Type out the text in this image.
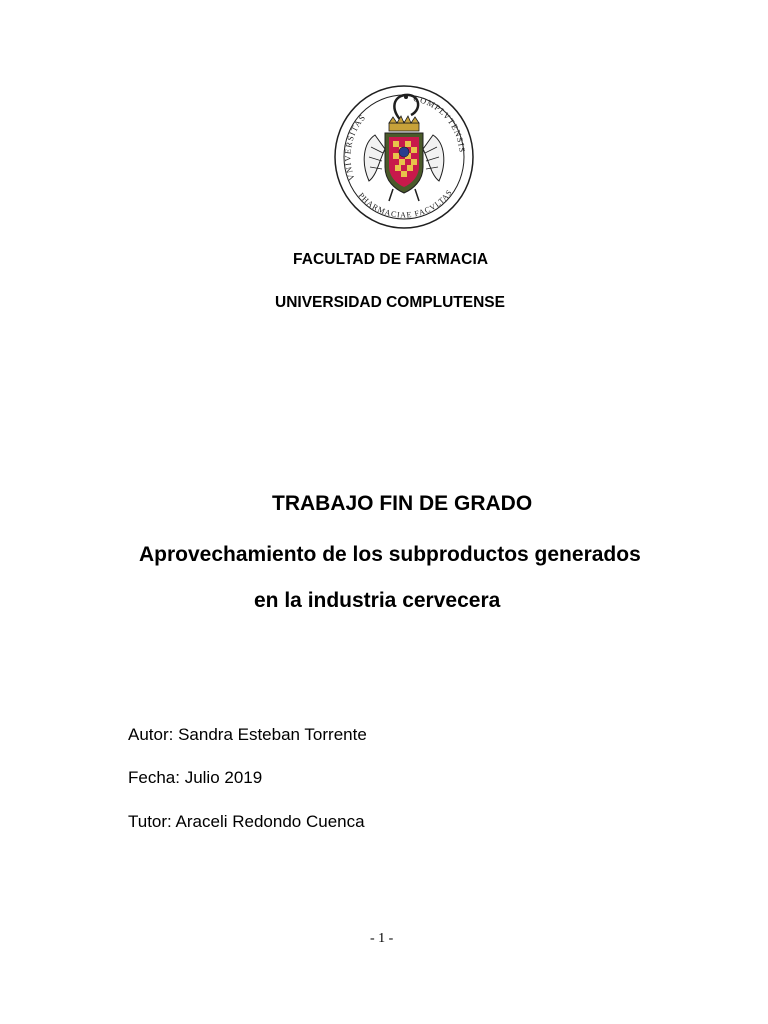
VNIVERSITAS
COMPLVTENSIS
PHARMACIAE FACVLTAS
FACULTAD DE FARMACIA
UNIVERSIDAD COMPLUTENSE
TRABAJO FIN DE GRADO
Aprovechamiento de los subproductos generados
en la industria cervecera
Autor: Sandra Esteban Torrente
Fecha: Julio 2019
Tutor: Araceli Redondo Cuenca
- 1 -
